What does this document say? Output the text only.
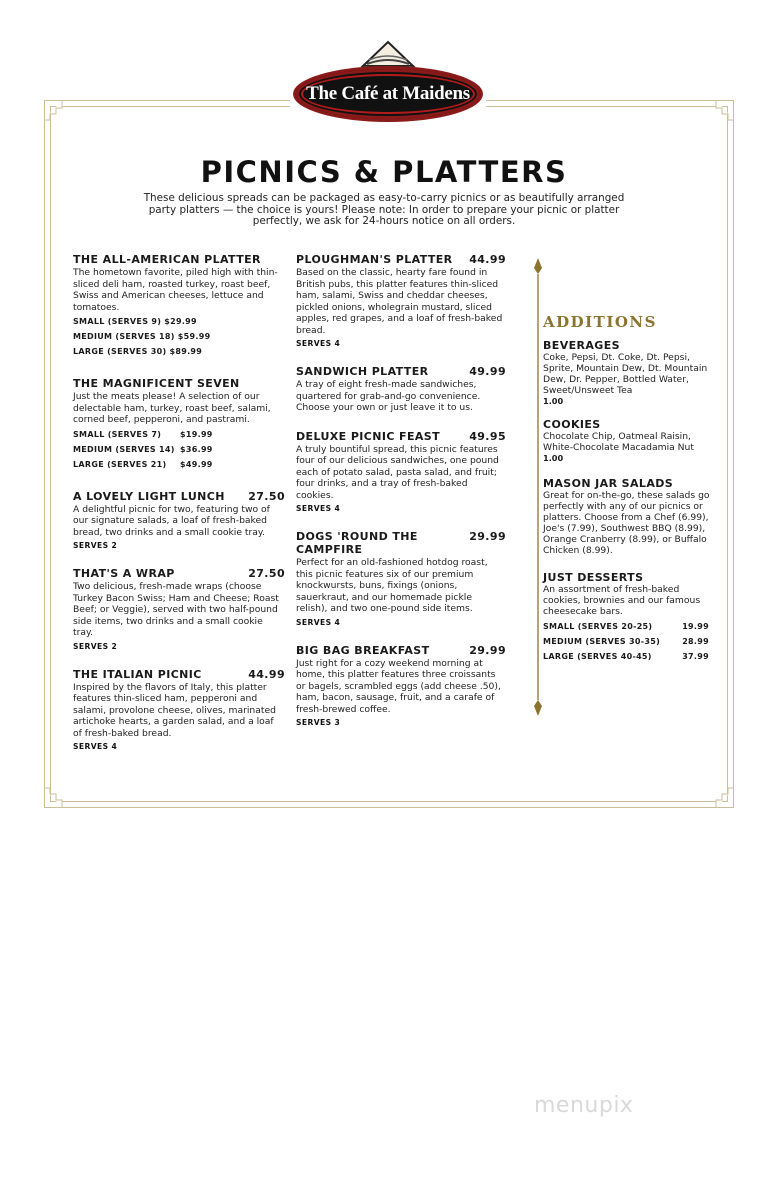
The Café at Maidens
PICNICS & PLATTERS
These delicious spreads can be packaged as easy-to-carry picnics or as beautifully arranged party platters — the choice is yours! Please note: In order to prepare your picnic or platter perfectly, we ask for 24-hours notice on all orders.
THE ALL-AMERICAN PLATTER
The hometown favorite, piled high with thin-sliced deli ham, roasted turkey, roast beef, Swiss and American cheeses, lettuce and tomatoes.
SMALL (SERVES 9) $29.99
MEDIUM (SERVES 18) $59.99
LARGE (SERVES 30) $89.99
THE MAGNIFICENT SEVEN
Just the meats please! A selection of our delectable ham, turkey, roast beef, salami, corned beef, pepperoni, and pastrami.
SMALL (SERVES 7)	$19.99
MEDIUM (SERVES 14) $36.99
LARGE (SERVES 21)	$49.99
A LOVELY LIGHT LUNCH 27.50
A delightful picnic for two, featuring two of our signature salads, a loaf of fresh-baked bread, two drinks and a small cookie tray.
SERVES 2
THAT'S A WRAP	27.50
Two delicious, fresh-made wraps (choose Turkey Bacon Swiss; Ham and Cheese; Roast Beef; or Veggie), served with two half-pound side items, two drinks and a small cookie tray.
SERVES 2
THE ITALIAN PICNIC	44.99
Inspired by the flavors of Italy, this platter features thin-sliced ham, pepperoni and salami, provolone cheese, olives, marinated artichoke hearts, a garden salad, and a loaf of fresh-baked bread.
SERVES 4
PLOUGHMAN'S PLATTER 44.99
Based on the classic, hearty fare found in British pubs, this platter features thin-sliced ham, salami, Swiss and cheddar cheeses, pickled onions, wholegrain mustard, sliced apples, red grapes, and a loaf of fresh-baked bread.
SERVES 4
SANDWICH PLATTER	49.99
A tray of eight fresh-made sandwiches, quartered for grab-and-go convenience. Choose your own or just leave it to us.
DELUXE PICNIC FEAST	49.95
A truly bountiful spread, this picnic features four of our delicious sandwiches, one pound each of potato salad, pasta salad, and fruit; four drinks, and a tray of fresh-baked cookies.
SERVES 4
DOGS 'ROUND THE CAMPFIRE
29.99
Perfect for an old-fashioned hotdog roast, this picnic features six of our premium knockwursts, buns, fixings (onions, sauerkraut, and our homemade pickle relish), and two one-pound side items.
SERVES 4
BIG BAG BREAKFAST	29.99
Just right for a cozy weekend morning at home, this platter features three croissants or bagels, scrambled eggs (add cheese .50), ham, bacon, sausage, fruit, and a carafe of fresh-brewed coffee.
SERVES 3
ADDITIONS
BEVERAGES
Coke, Pepsi, Dt. Coke, Dt. Pepsi, Sprite, Mountain Dew, Dt. Mountain Dew, Dr. Pepper, Bottled Water, Sweet/Unsweet Tea
1.00
COOKIES
Chocolate Chip, Oatmeal Raisin, White-Chocolate Macadamia Nut
1.00
MASON JAR SALADS
Great for on-the-go, these salads go perfectly with any of our picnics or platters. Choose from a Chef (6.99), Joe's (7.99), Southwest BBQ (8.99), Orange Cranberry (8.99), or Buffalo Chicken (8.99).
JUST DESSERTS
An assortment of fresh-baked cookies, brownies and our famous cheesecake bars.
SMALL (SERVES 20-25)	19.99
MEDIUM (SERVES 30-35)	28.99
LARGE (SERVES 40-45)	37.99
menupix
